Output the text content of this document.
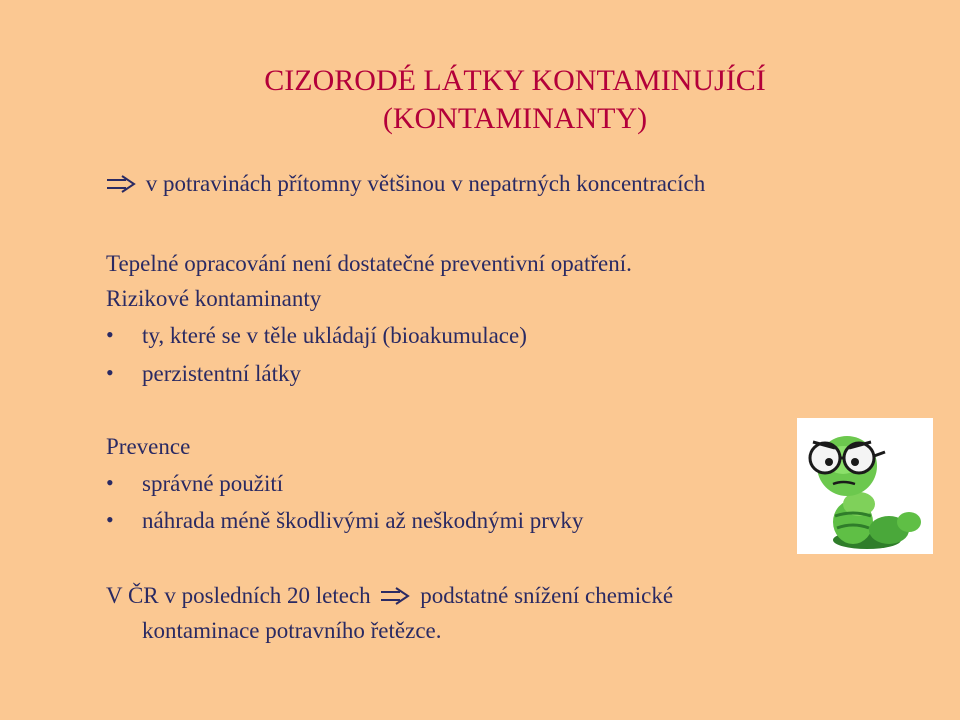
CIZORODÉ LÁTKY KONTAMINUJÍCÍ
(KONTAMINANTY)
v potravinách přítomny většinou v nepatrných koncentracích
Tepelné opracování není dostatečné preventivní opatření.
Rizikové kontaminanty
• ty, které se v těle ukládají (bioakumulace)
• perzistentní látky
Prevence
• správné použití
• náhrada méně škodlivými až neškodnými prvky
V ČR v posledních 20 letech podstatné snížení chemické
kontaminace potravního řetězce.
